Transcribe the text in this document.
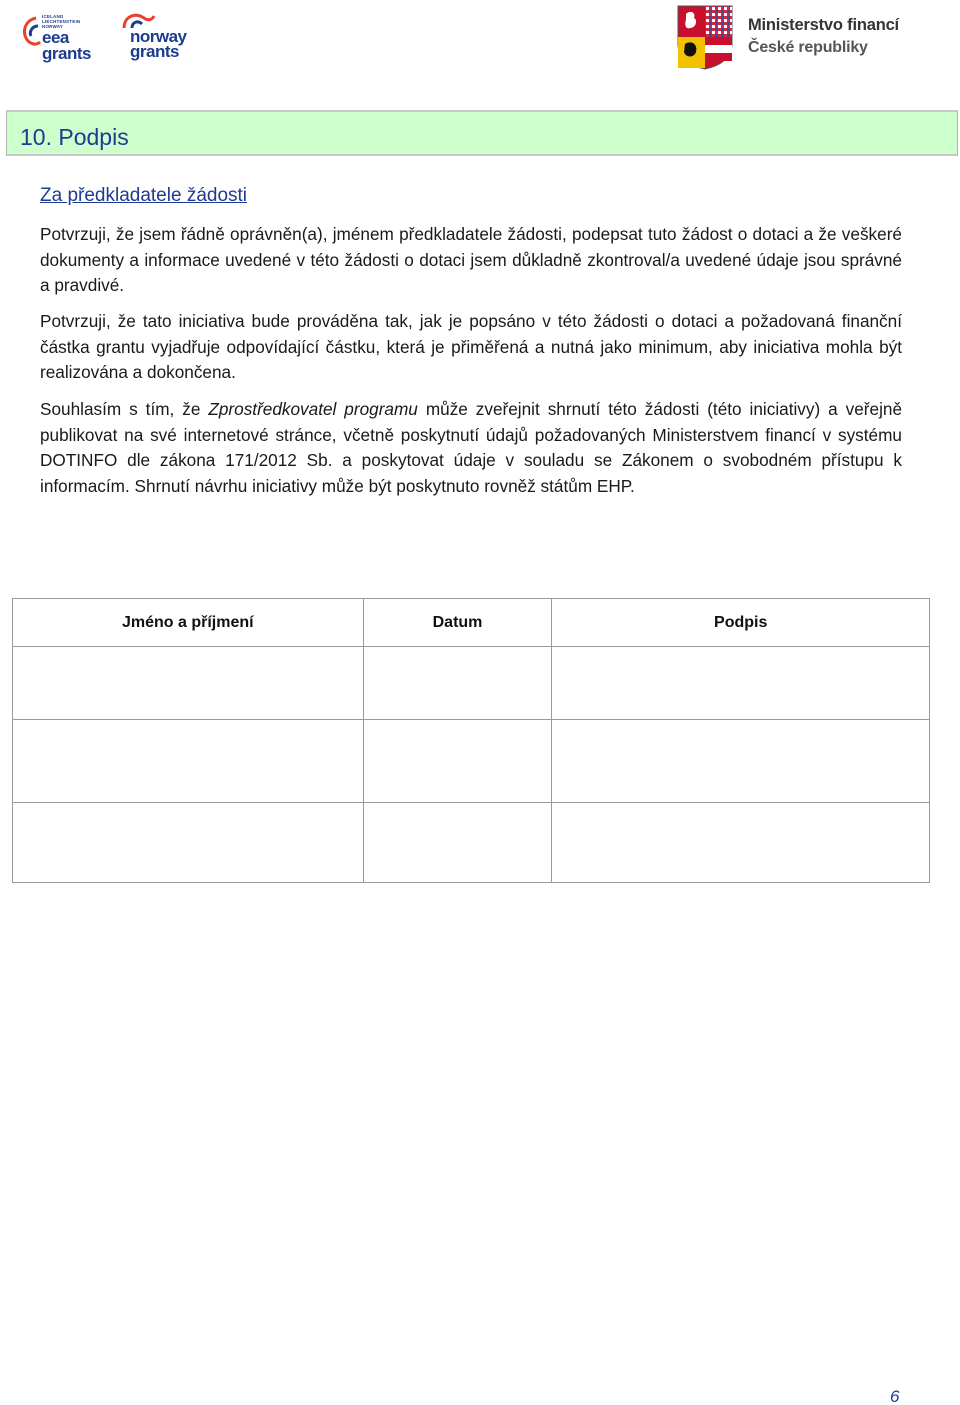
ICELAND
LIECHTENSTEIN
NORWAY
eea
grants
norway
grants
Ministerstvo financí
České republiky
10. Podpis
Za předkladatele žádosti
Potvrzuji, že jsem řádně oprávněn(a), jménem předkladatele žádosti, podepsat tuto žádost o dotaci a že veškeré dokumenty a informace uvedené v této žádosti o dotaci jsem důkladně zkontroval/a uvedené údaje jsou správné a pravdivé.
Potvrzuji, že tato iniciativa bude prováděna tak, jak je popsáno v této žádosti o dotaci a požadovaná finanční částka grantu vyjadřuje odpovídající částku, která je přiměřená a nutná jako minimum, aby iniciativa mohla být realizována a dokončena.
Souhlasím s tím, že Zprostředkovatel programu může zveřejnit shrnutí této žádosti (této iniciativy) a veřejně publikovat na své internetové stránce, včetně poskytnutí údajů požadovaných Ministerstvem financí v systému DOTINFO dle zákona 171/2012 Sb. a poskytovat údaje v souladu se Zákonem o svobodném přístupu k informacím. Shrnutí návrhu iniciativy může být poskytnuto rovněž státům EHP.
Jméno a příjmení	Datum	Podpis

6
